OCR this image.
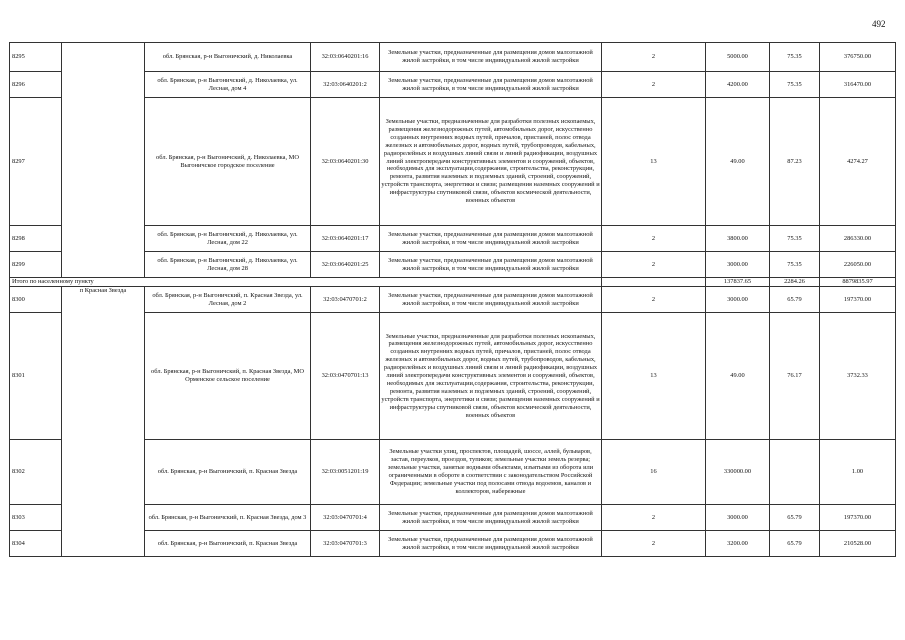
492
8295		обл. Брянская, р-н Выгоничский, д. Николаевка	32:03:0640201:16	Земельные участки, предназначенные для размещения домов малоэтажной жилой застройки, в том числе индивидуальной жилой застройки	2	5000.00	75.35	376750.00
8296		обл. Брянская, р-н Выгоничский, д. Николаевка, ул. Лесная, дом 4	32:03:0640201:2	Земельные участки, предназначенные для размещения домов малоэтажной жилой застройки, в том числе индивидуальной жилой застройки	2	4200.00	75.35	316470.00
8297		обл. Брянская, р-н Выгоничский, д. Николаевка, МО Выгоничское городское поселение	32:03:0640201:30	Земельные участки, предназначенные для разработки полезных ископаемых, размещения железнодорожных путей, автомобильных дорог, искусственно созданных внутренних водных путей, причалов, пристаней, полос отвода железных и автомобильных дорог, водных путей, трубопроводов, кабельных, радиорелейных и воздушных линий связи и линий радиофикации, воздушных линий электропередачи конструктивных элементов и сооружений, объектов, необходимых для эксплуатации,содержания, строительства, реконструкции, ремонта, развития наземных и подземных зданий, строений, сооружений, устройств транспорта, энергетики и связи; размещения наземных сооружений и инфраструктуры спутниковой связи, объектов космической деятельности, военных объектов	13	49.00	87.23	4274.27
8298		обл. Брянская, р-н Выгоничский, д. Николаевка, ул. Лесная, дом 22	32:03:0640201:17	Земельные участки, предназначенные для размещения домов малоэтажной жилой застройки, в том числе индивидуальной жилой застройки	2	3800.00	75.35	286330.00
8299		обл. Брянская, р-н Выгоничский, д. Николаевка, ул. Лесная, дом 28	32:03:0640201:25	Земельные участки, предназначенные для размещения домов малоэтажной жилой застройки, в том числе индивидуальной жилой застройки	2	3000.00	75.35	226050.00
Итого по населенному пункту						137837.65	2284.26	8879835.97
8300	п Красная Звезда	обл. Брянская, р-н Выгоничский, п. Красная Звезда, ул. Лесная, дом 2	32:03:0470701:2	Земельные участки, предназначенные для размещения домов малоэтажной жилой застройки, в том числе индивидуальной жилой застройки	2	3000.00	65.79	197370.00
8301		обл. Брянская, р-н Выгоничский, п. Красная Звезда, МО Орменское сельское поселение	32:03:0470701:13	Земельные участки, предназначенные для разработки полезных ископаемых, размещения железнодорожных путей, автомобильных дорог, искусственно созданных внутренних водных путей, причалов, пристаней, полос отвода железных и автомобильных дорог, водных путей, трубопроводов, кабельных, радиорелейных и воздушных линий связи и линий радиофикации, воздушных линий электропередачи конструктивных элементов и сооружений, объектов, необходимых для эксплуатации,содержания, строительства, реконструкции, ремонта, развития наземных и подземных зданий, строений, сооружений, устройств транспорта, энергетики и связи; размещения наземных сооружений и инфраструктуры спутниковой связи, объектов космической деятельности, военных объектов	13	49.00	76.17	3732.33
8302		обл. Брянская, р-н Выгоничский, п. Красная Звезда	32:03:0051201:19	Земельные участки улиц, проспектов, площадей, шоссе, аллей, бульваров, застав, переулков, проездов, тупиков; земельные участки земель резерва; земельные участки, занятые водными объектами, изъятыми из оборота или ограниченными в обороте в соответствии с законодательством Российской Федерации; земельные участки под полосами отвода водоемов, каналов и коллекторов, набережные	16	330000.00		1.00
8303		обл. Брянская, р-н Выгоничский, п. Красная Звезда, дом 3	32:03:0470701:4	Земельные участки, предназначенные для размещения домов малоэтажной жилой застройки, в том числе индивидуальной жилой застройки	2	3000.00	65.79	197370.00
8304		обл. Брянская, р-н Выгоничский, п. Красная Звезда	32:03:0470701:3	Земельные участки, предназначенные для размещения домов малоэтажной жилой застройки, в том числе индивидуальной жилой застройки	2	3200.00	65.79	210528.00
